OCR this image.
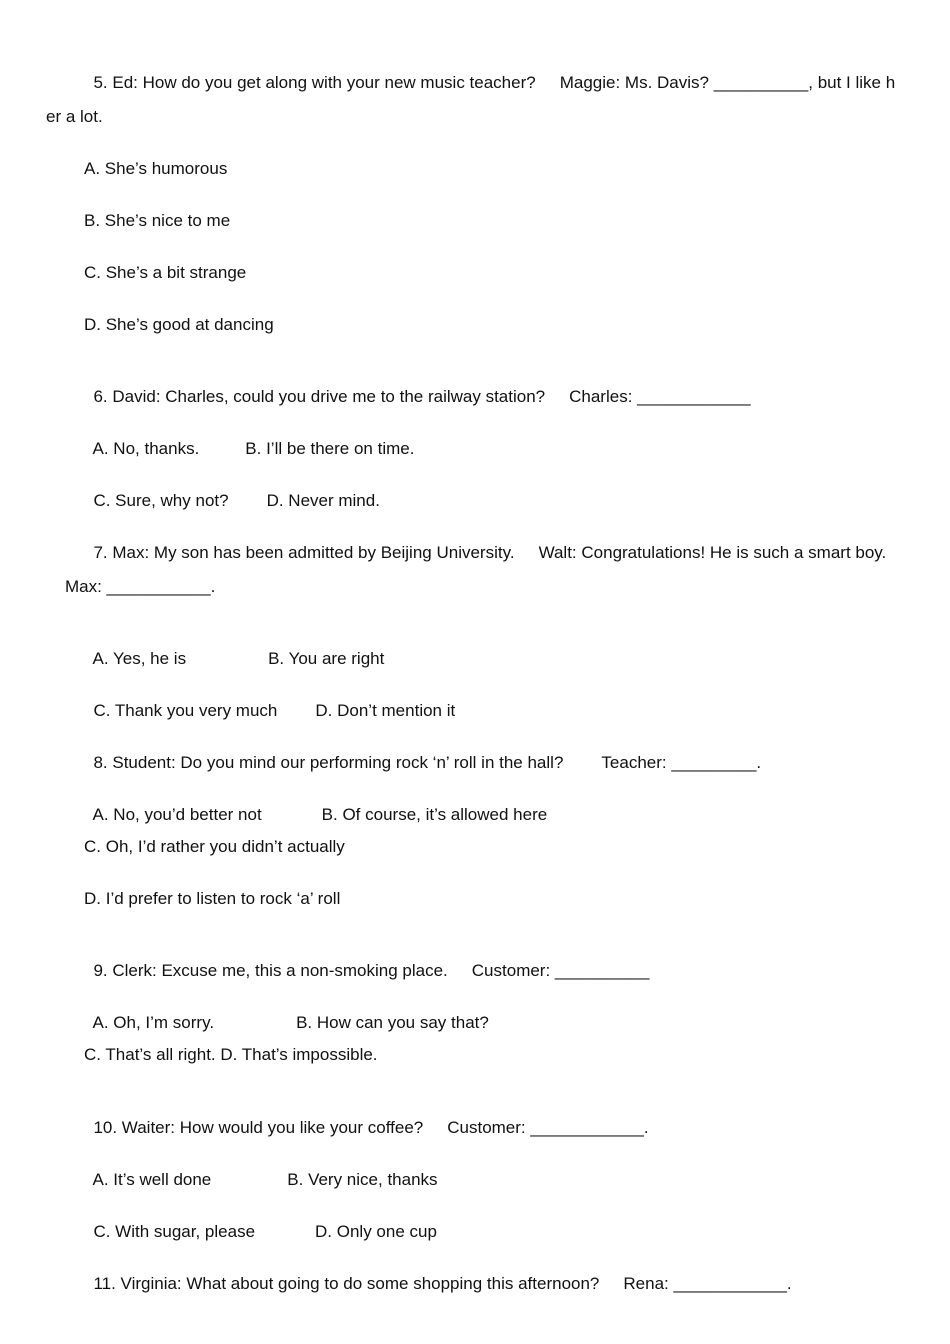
5. Ed: How do you get along with your new music teacher? Maggie: Ms. Davis? __________, but I like h

er a lot.
A. She’s humorous
B. She’s nice to me
C. She’s a bit strange
D. She’s good at dancing

6. David: Charles, could you drive me to the railway station? Charles: ____________

A. No, thanks.	B. I’ll be there on time.

C. Sure, why not? D. Never mind.

7. Max: My son has been admitted by Beijing University. Walt: Congratulations! He is such a smart boy.

Max: ___________.

A. Yes, he is	B. You are right

C. Thank you very much D. Don’t mention it

8. Student: Do you mind our performing rock ‘n’ roll in the hall? Teacher: _________.

A. No, you’d better not	B. Of course, it’s allowed here

C. Oh, I’d rather you didn’t actually
D. I’d prefer to listen to rock ‘a’ roll

9. Clerk: Excuse me, this a non-smoking place. Customer: __________

A. Oh, I’m sorry.	B. How can you say that?

C. That’s all right. D. That’s impossible.

10. Waiter: How would you like your coffee? Customer: ____________.

A. It’s well done	B. Very nice, thanks

C. With sugar, please	D. Only one cup

11. Virginia: What about going to do some shopping this afternoon? Rena: ____________.
